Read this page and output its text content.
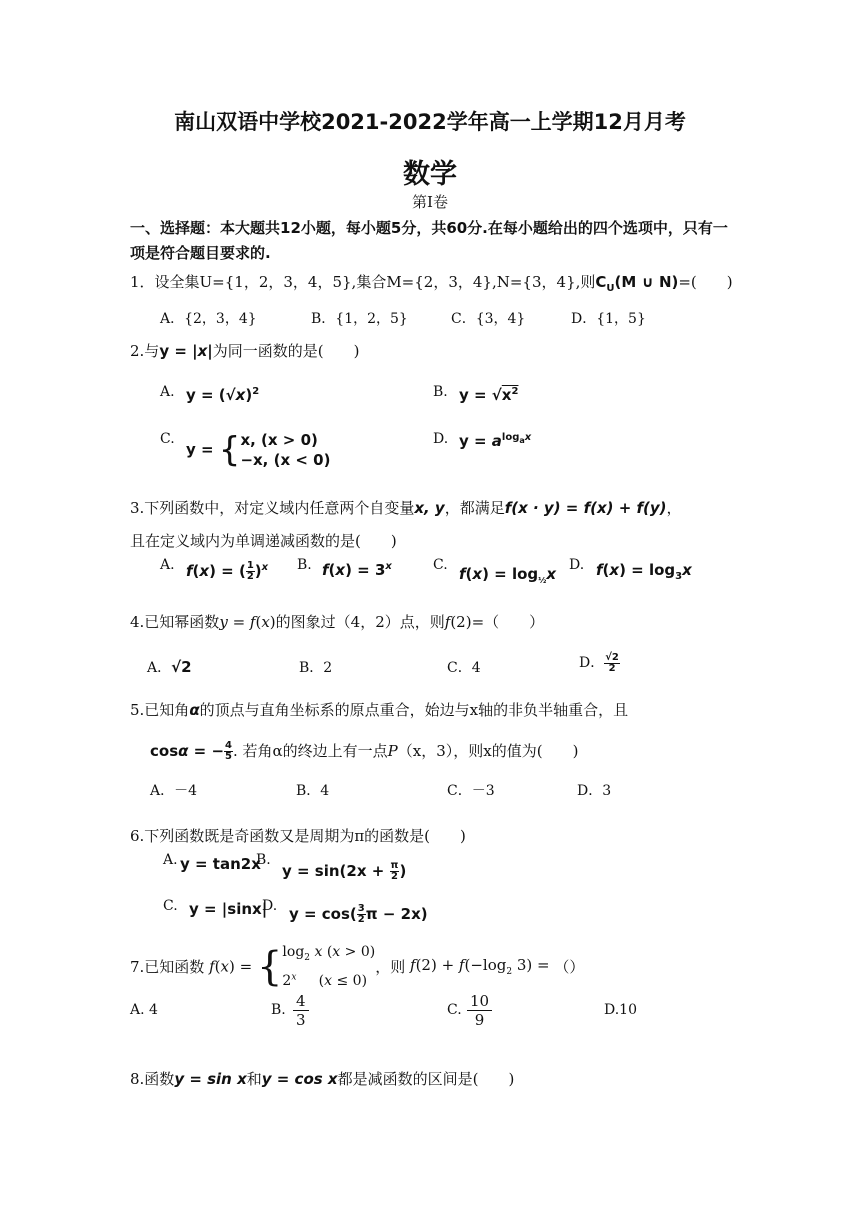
南山双语中学校2021-2022学年高一上学期12月月考
数学
第Ⅰ卷
一、选择题：本大题共12小题，每小题5分，共60分.在每小题给出的四个选项中，只有一项是符合题目要求的.
1．设全集U={1，2，3，4，5},集合M={2，3，4},N={3，4},则$C_U(M$ ∪ N)=(　　)
A．{2，3，4}	B．{1，2，5}	C．{3，4}	D．{1，5}
2.与y = |x|为同一函数的是(　　)
A. $y = (√x)^2$	B. $y = √x^2$
C.
y = {x, (x > 0)
−x, (x < 0)
D. $y = a^{log_ax}$
3.下列函数中，对定义域内任意两个自变量x, y，都满足f(x · y) = f(x) + f(y)，
且在定义域内为单调递减函数的是(　　)
A. f(x) = ( $\frac{1}{2} )^x$ B. $f(x) = 3^x$	C. $f(x) = \log_{\frac{1}{2}}x$ D. $f(x) = \log_3x$
4.已知幂函数y = f(x)的图象过（4，2）点，则f(2)=（　　）
A．√2	B．2	C．4	D． $\frac{√2}{2}$
5.已知角α的顶点与直角坐标系的原点重合，始边与x轴的非负半轴重合，且
cosα = − $\frac{4}{5}$ . 若角α的终边上有一点P（x，3），则x的值为(　　)
A．－4	B．4	C．－3	D．3
6.下列函数既是奇函数又是周期为π的函数是(　　)
A. y = tan2x
B.
$y = \sin(2x + \frac{\pi}{2}$ )
C. y = |sinx|
D. $y = \cos( \frac{3}{2}$ π − 2x)
7.已知函数 $f(x) = \{\log_2$ x (x > 0)
2$^x$     (x ≤ 0)，则 $f(2) + f(-\log_2$ 3) = （）
A. 4	B. $\frac{4}{3}$	C. $\frac{10}{9}$	D.10
8.函数y = sin x和y = cos x都是减函数的区间是(　　)
